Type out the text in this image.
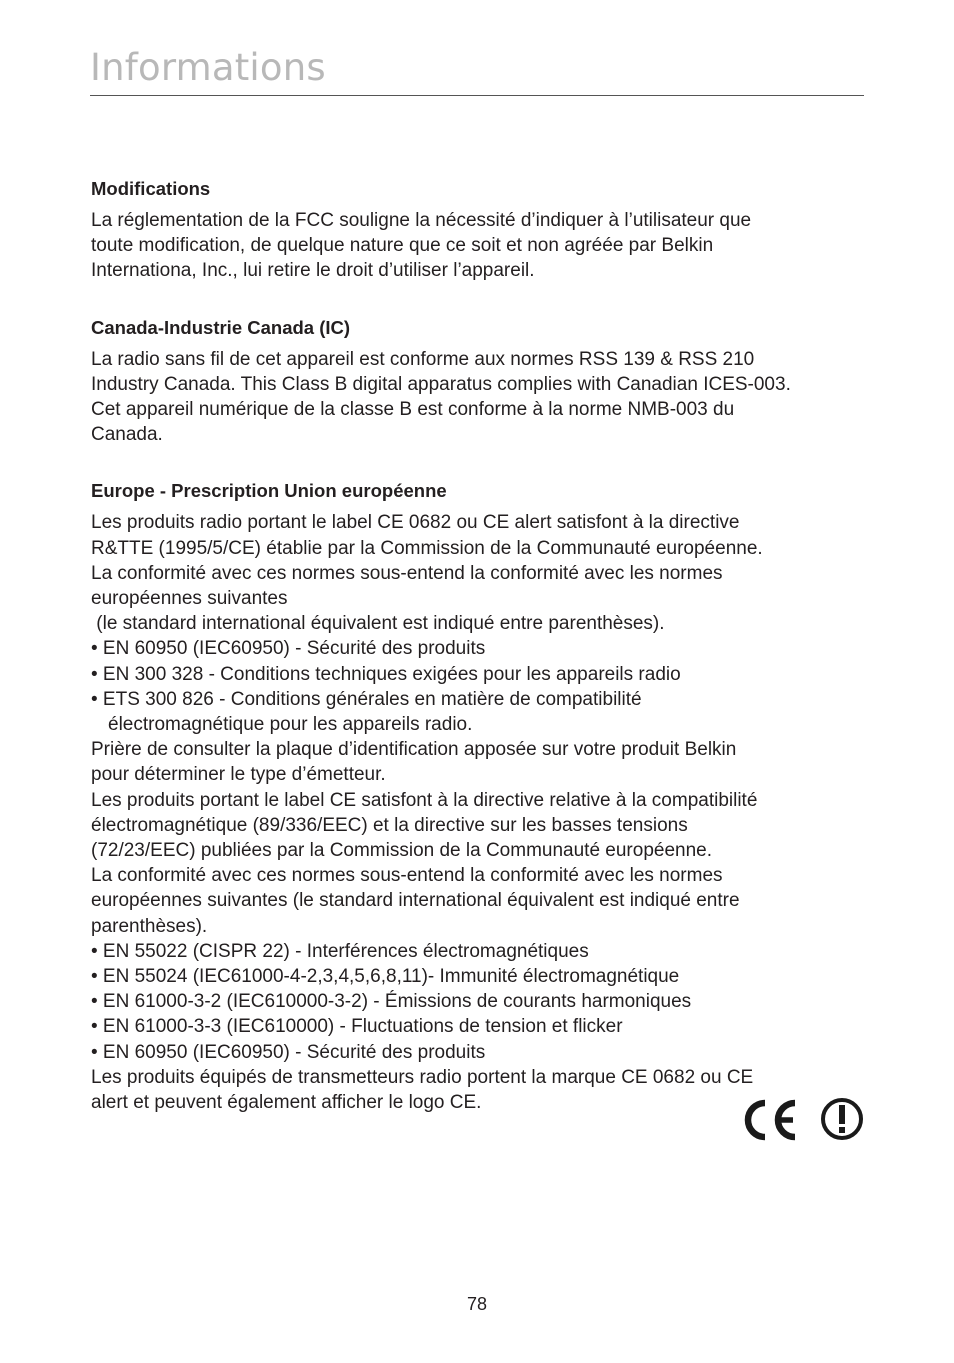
Informations
Modifications
La réglementation de la FCC souligne la nécessité d’indiquer à l’utilisateur que
toute modification, de quelque nature que ce soit et non agréée par Belkin
Internationa, Inc., lui retire le droit d’utiliser l’appareil.
Canada-Industrie Canada (IC)
La radio sans fil de cet appareil est conforme aux normes RSS 139 & RSS 210
Industry Canada. This Class B digital apparatus complies with Canadian ICES-003.
Cet appareil numérique de la classe B est conforme à la norme NMB-003 du
Canada.
Europe - Prescription Union européenne
Les produits radio portant le label CE 0682 ou CE alert satisfont à la directive
R&TTE (1995/5/CE) établie par la Commission de la Communauté européenne.
La conformité avec ces normes sous-entend la conformité avec les normes
européennes suivantes
(le standard international équivalent est indiqué entre parenthèses).
• EN 60950 (IEC60950) - Sécurité des produits
• EN 300 328 - Conditions techniques exigées pour les appareils radio
• ETS 300 826 - Conditions générales en matière de compatibilité
électromagnétique pour les appareils radio.
Prière de consulter la plaque d’identification apposée sur votre produit Belkin
pour déterminer le type d’émetteur.
Les produits portant le label CE satisfont à la directive relative à la compatibilité
électromagnétique (89/336/EEC) et la directive sur les basses tensions
(72/23/EEC) publiées par la Commission de la Communauté européenne.
La conformité avec ces normes sous-entend la conformité avec les normes
européennes suivantes (le standard international équivalent est indiqué entre
parenthèses).
• EN 55022 (CISPR 22) - Interférences électromagnétiques
• EN 55024 (IEC61000-4-2,3,4,5,6,8,11)- Immunité électromagnétique
• EN 61000-3-2 (IEC610000-3-2) - Émissions de courants harmoniques
• EN 61000-3-3 (IEC610000) - Fluctuations de tension et flicker
• EN 60950 (IEC60950) - Sécurité des produits
Les produits équipés de transmetteurs radio portent la marque CE 0682 ou CE
alert et peuvent également afficher le logo CE.
78
